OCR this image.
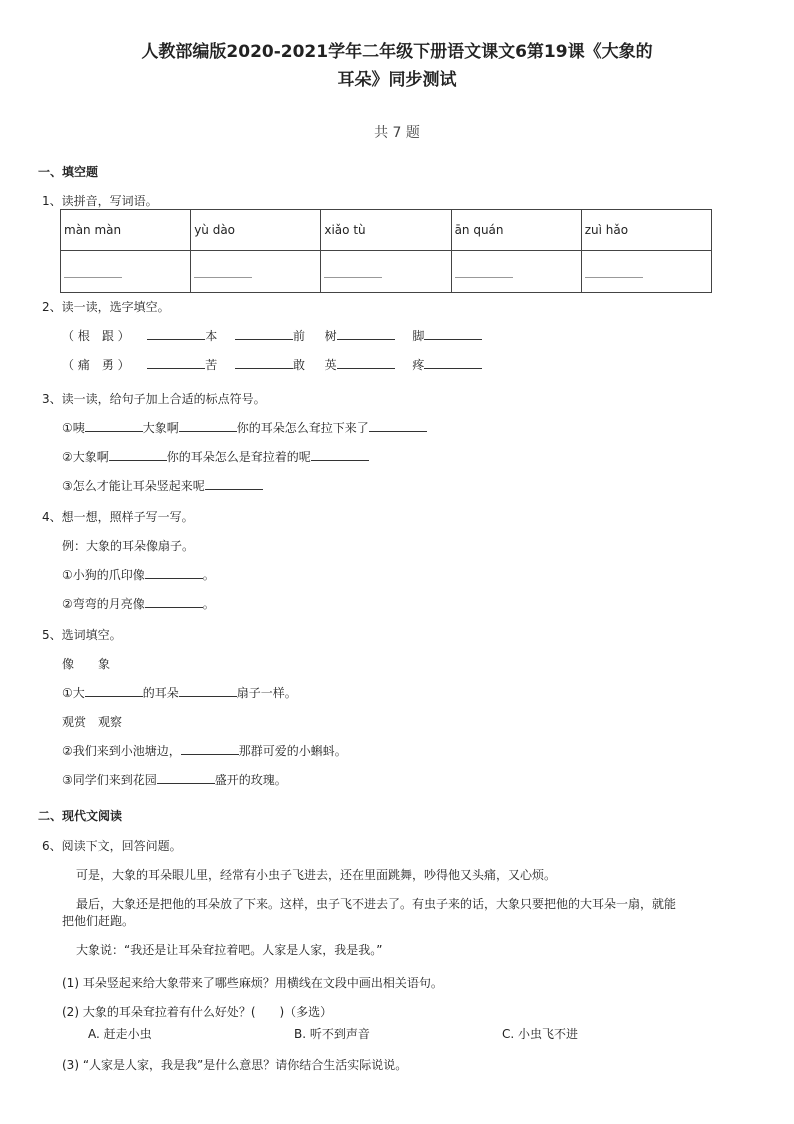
人教部编版2020-2021学年二年级下册语文课文6第19课《大象的
耳朵》同步测试
共 7 题
一、填空题
1、读拼音，写词语。
màn màn	yù dào	xiǎo tù	ān quán	zuì hǎo

2、读一读，选字填空。
（ 根　跟 ）	本	前 树	脚
（ 痛　勇 ）	苦	敢 英	疼
3、读一读，给句子加上合适的标点符号。
①咦	大象啊	你的耳朵怎么耷拉下来了
②大象啊	你的耳朵怎么是耷拉着的呢
③怎么才能让耳朵竖起来呢
4、想一想，照样子写一写。
例：大象的耳朵像扇子。
①小狗的爪印像	。
②弯弯的月亮像	。
5、选词填空。
像　　象
①大	的耳朵	扇子一样。
观赏　观察
②我们来到小池塘边，	那群可爱的小蝌蚪。
③同学们来到花园	盛开的玫瑰。
二、现代文阅读
6、阅读下文，回答问题。
可是，大象的耳朵眼儿里，经常有小虫子飞进去，还在里面跳舞，吵得他又头痛，又心烦。
最后，大象还是把他的耳朵放了下来。这样，虫子飞不进去了。有虫子来的话，大象只要把他的大耳朵一扇，就能
把他们赶跑。
大象说：“我还是让耳朵耷拉着吧。人家是人家，我是我。”
(1) 耳朵竖起来给大象带来了哪些麻烦？用横线在文段中画出相关语句。
(2) 大象的耳朵耷拉着有什么好处？(　　)（多选）
A. 赶走小虫	B. 听不到声音	C. 小虫飞不进
(3) “人家是人家，我是我”是什么意思？请你结合生活实际说说。
